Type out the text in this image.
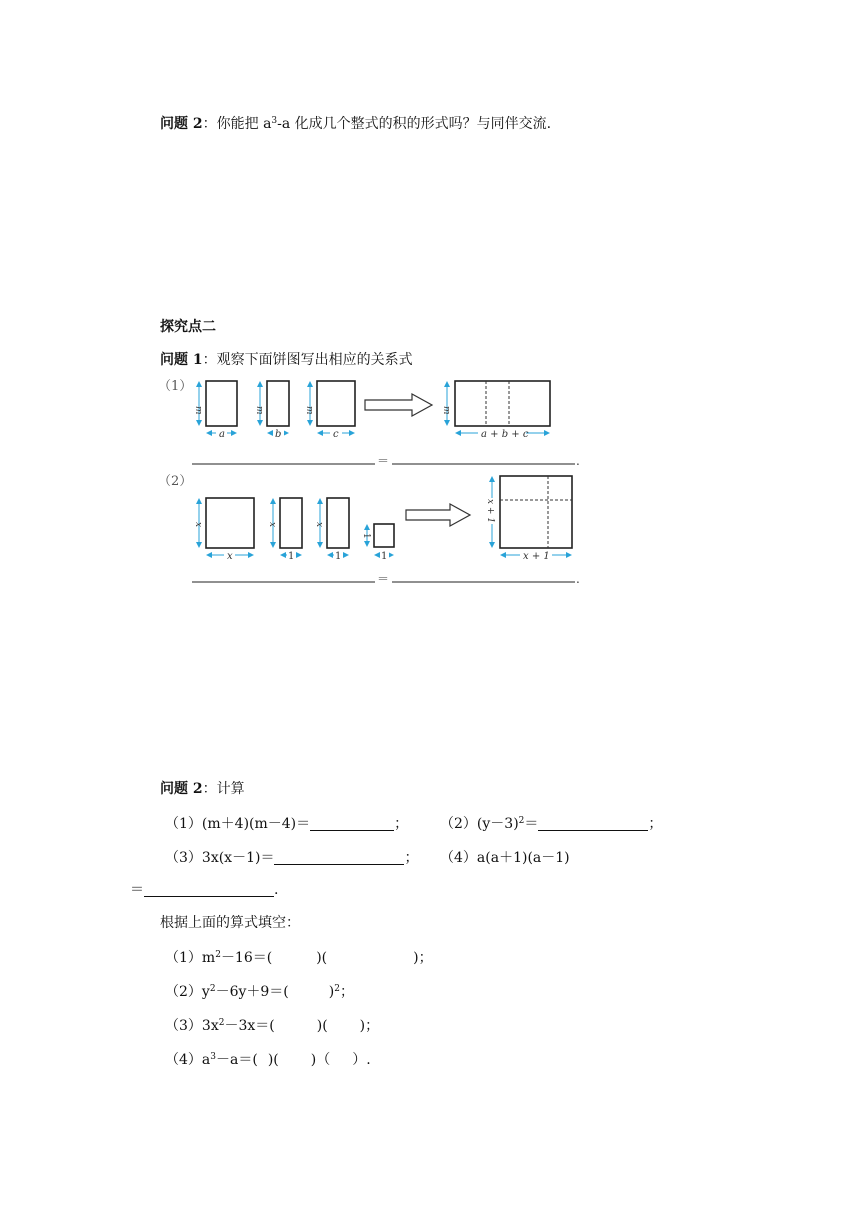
问题 2：你能把 $a^3-a$ 化成几个整式的积的形式吗？与同伴交流.
探究点二
问题 1：观察下面饼图写出相应的关系式
（1）
m
a
m
b
m
c
m
a + b + c
＝	.
（2）
x
x
x
1
x
1
1
1
x + 1
x + 1
＝	.
问题 2：计算
（1）(m＋4)(m－4)＝	； $(2)(y-3)^2=$	；
（3）3x(x－1)＝	； （4）a(a＋1)(a－1)
＝	.
根据上面的算式填空：
$(1)m^2-16=$(	)(	)；
$(2)y^2-6y+9=$(	)$^2$；
$(3)3x^2-3x=$(	)( )；
$(4)a^3-a=$( )( )（ ）.
